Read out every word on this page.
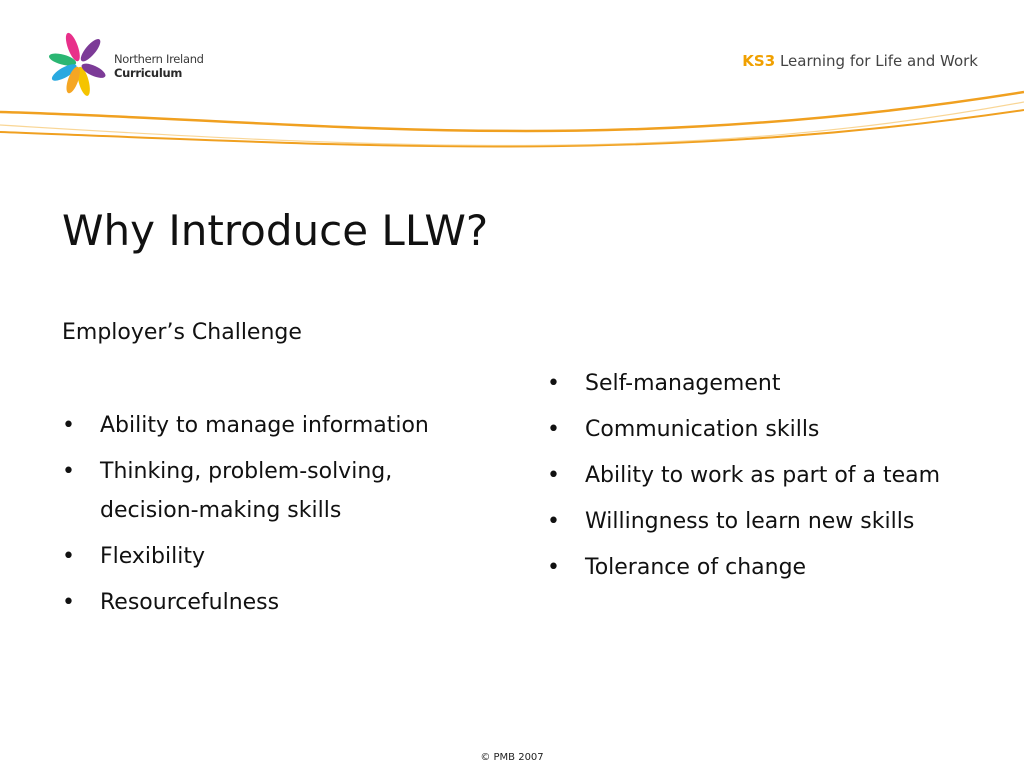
Northern Ireland
Curriculum
KS3 Learning for Life and Work
Why Introduce LLW?
Employer’s Challenge
• Ability to manage information
• Thinking, problem-solving, decision-making skills
• Flexibility
• Resourcefulness
• Self-management
• Communication skills
• Ability to work as part of a team
• Willingness to learn new skills
• Tolerance of change
© PMB 2007
